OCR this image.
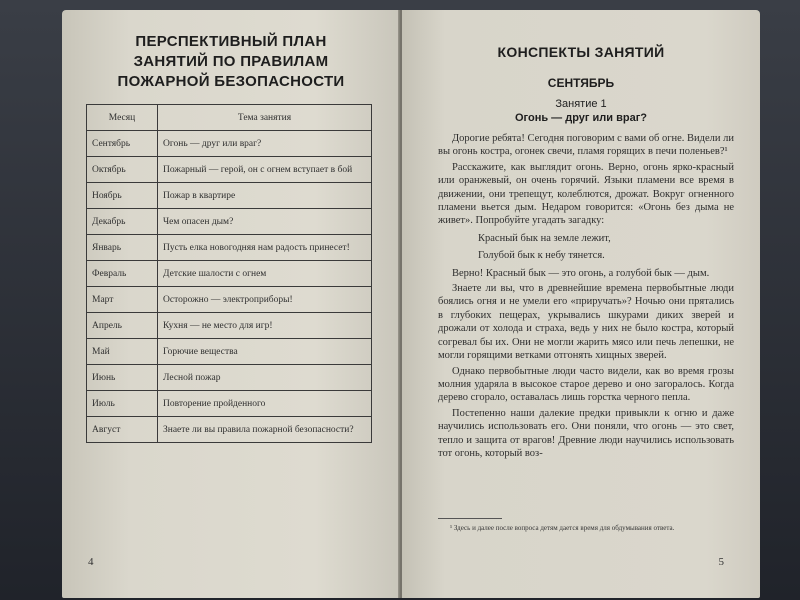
ПЕРСПЕКТИВНЫЙ ПЛАН
ЗАНЯТИЙ ПО ПРАВИЛАМ
ПОЖАРНОЙ БЕЗОПАСНОСТИ
Месяц	Тема занятия
Сентябрь	Огонь — друг или враг?
Октябрь	Пожарный — герой, он с огнем вступает в бой
Ноябрь	Пожар в квартире
Декабрь	Чем опасен дым?
Январь	Пусть елка новогодняя нам радость принесет!
Февраль	Детские шалости с огнем
Март	Осторожно — электроприборы!
Апрель	Кухня — не место для игр!
Май	Горючие вещества
Июнь	Лесной пожар
Июль	Повторение пройденного
Август	Знаете ли вы правила пожарной безопасности?
4
КОНСПЕКТЫ ЗАНЯТИЙ
СЕНТЯБРЬ
Занятие 1
Огонь — друг или враг?

Дорогие ребята! Сегодня поговорим с вами об огне. Видели ли вы огонь костра, огонек свечи, пламя горящих в печи поленьев?¹

Расскажите, как выглядит огонь. Верно, огонь ярко-красный или оранжевый, он очень горячий. Языки пламени все время в движении, они трепещут, колеблются, дрожат. Вокруг огненного пламени вьется дым. Недаром говорится: «Огонь без дыма не живет». Попробуйте угадать загадку:

Красный бык на земле лежит,

Голубой бык к небу тянется.

Верно! Красный бык — это огонь, а голубой бык — дым.

Знаете ли вы, что в древнейшие времена первобытные люди боялись огня и не умели его «приручать»? Ночью они прятались в глубоких пещерах, укрывались шкурами диких зверей и дрожали от холода и страха, ведь у них не было костра, который согревал бы их. Они не могли жарить мясо или печь лепешки, не могли горящими ветками отгонять хищных зверей.

Однако первобытные люди часто видели, как во время грозы молния ударяла в высокое старое дерево и оно загоралось. Когда дерево сгорало, оставалась лишь горстка черного пепла.

Постепенно наши далекие предки привыкли к огню и даже научились использовать его. Они поняли, что огонь — это свет, тепло и защита от врагов! Древние люди научились использовать тот огонь, который воз-

¹ Здесь и далее после вопроса детям дается время для обдумывания ответа.
5
